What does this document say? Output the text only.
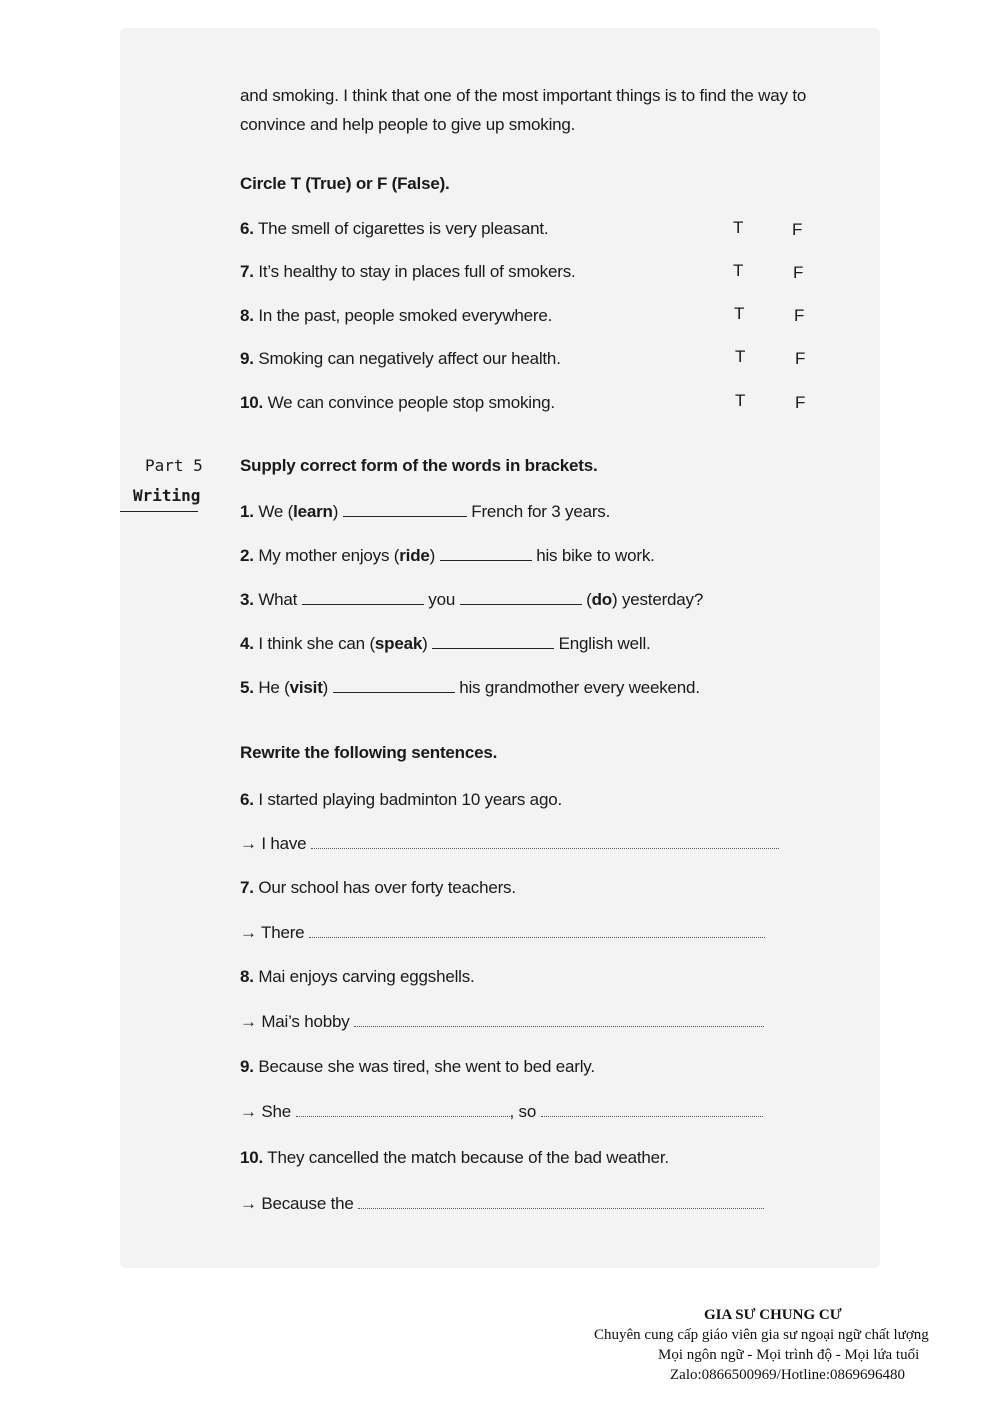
and smoking. I think that one of the most important things is to find the way to
convince and help people to give up smoking.
Circle T (True) or F (False).
6. The smell of cigarettes is very pleasant.	T	F
7. It’s healthy to stay in places full of smokers.	T	F
8. In the past, people smoked everywhere.	T	F
9. Smoking can negatively affect our health.	T	F
10. We can convince people stop smoking.	T	F
Part 5
Writing
Supply correct form of the words in brackets.
1. We (learn)	French for 3 years.
2. My mother enjoys (ride)	his bike to work.
3. What	you	(do) yesterday?
4. I think she can (speak)	English well.
5. He (visit)	his grandmother every weekend.
Rewrite the following sentences.
6. I started playing badminton 10 years ago.
→ I have
7. Our school has over forty teachers.
→ There
8. Mai enjoys carving eggshells.
→ Mai’s hobby
9. Because she was tired, she went to bed early.
→ She	, so
10. They cancelled the match because of the bad weather.
→ Because the
GIA SƯ CHUNG CƯ
Chuyên cung cấp giáo viên gia sư ngoại ngữ chất lượng
Mọi ngôn ngữ - Mọi trình độ - Mọi lứa tuổi
Zalo:0866500969/Hotline:0869696480
